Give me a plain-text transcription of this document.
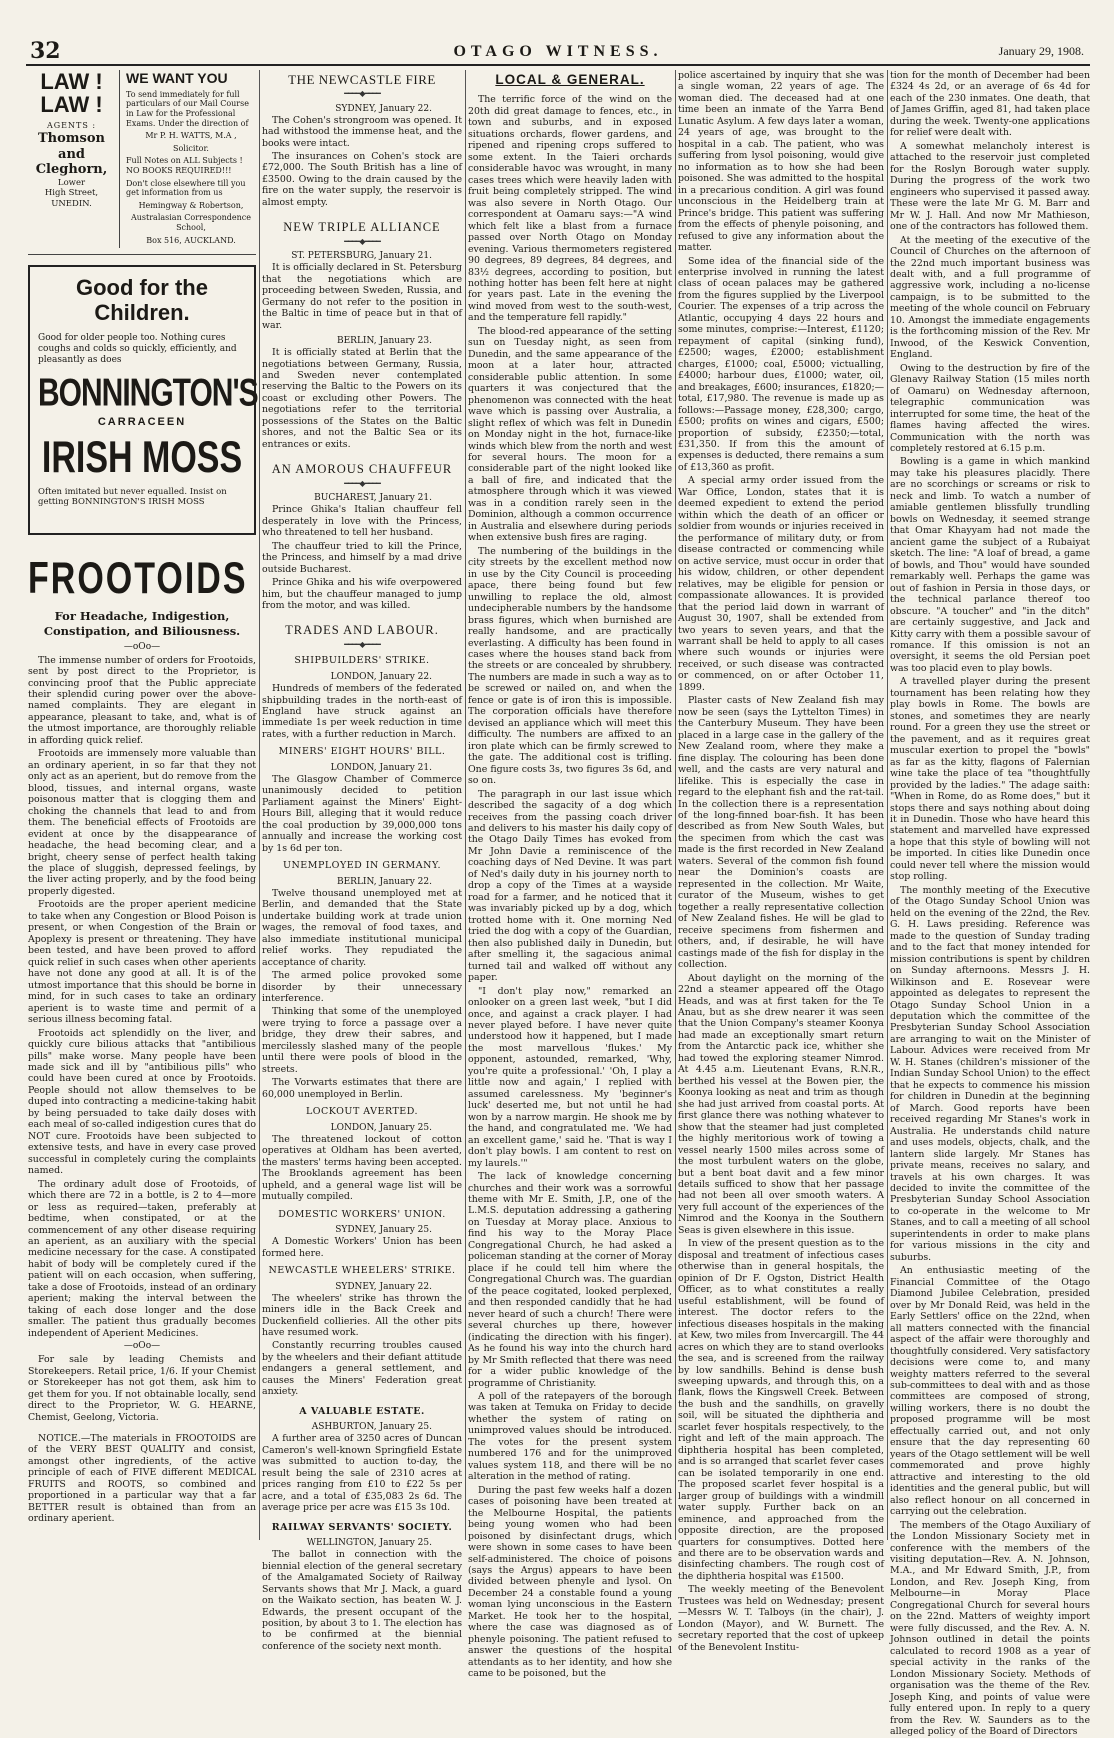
32	OTAGO WITNESS.	January 29, 1908.
LAW !
LAW !
AGENTS :
Thomson
and
Cleghorn,
Lower
High Street,
UNEDIN.
WE WANT YOU
To send immediately for full particulars of our Mail Course in Law for the Professional Exams. Under the direction of
Mr P. H. WATTS, M.A ,
Solicitor.
Full Notes on ALL Subjects ! NO BOOKS REQUIRED!!!
Don't close elsewhere till you get information from us
Hemingway & Robertson,
Australasian Correspondence School,
Box 516, AUCKLAND.
Good for the
Children.

Good for older people too. Nothing cures coughs and colds so quickly, efficiently, and pleasantly as does

BONNINGTON'S
CARRACEEN
IRISH MOSS

Often imitated but never equalled. Insist on getting BONNINGTON'S IRISH MOSS

FROOTOIDS
For Headache, Indigestion,
Constipation, and Biliousness.
—oOo—

The immense number of orders for Frootoids, sent by post direct to the Proprietor, is convincing proof that the Public appreciate their splendid curing power over the above-named complaints. They are elegant in appearance, pleasant to take, and, what is of the utmost importance, are thoroughly reliable in affording quick relief.

Frootoids are immensely more valuable than an ordinary aperient, in so far that they not only act as an aperient, but do remove from the blood, tissues, and internal organs, waste poisonous matter that is clogging them and choking the channels that lead to and from them. The beneficial effects of Frootoids are evident at once by the disappearance of headache, the head becoming clear, and a bright, cheery sense of perfect health taking the place of sluggish, depressed feelings, by the liver acting properly, and by the food being properly digested.

Frootoids are the proper aperient medicine to take when any Congestion or Blood Poison is present, or when Congestion of the Brain or Apoplexy is present or threatening. They have been tested, and have been proved to afford quick relief in such cases when other aperients have not done any good at all. It is of the utmost importance that this should be borne in mind, for in such cases to take an ordinary aperient is to waste time and permit of a serious illness becoming fatal.

Frootoids act splendidly on the liver, and quickly cure bilious attacks that "antibilious pills" make worse. Many people have been made sick and ill by "antibilious pills" who could have been cured at once by Frootoids. People should not allow themselves to be duped into contracting a medicine-taking habit by being persuaded to take daily doses with each meal of so-called indigestion cures that do NOT cure. Frootoids have been subjected to extensive tests, and have in every case proved successful in completely curing the complaints named.

The ordinary adult dose of Frootoids, of which there are 72 in a bottle, is 2 to 4—more or less as required—taken, preferably at bedtime, when constipated, or at the commencement of any other disease requiring an aperient, as an auxiliary with the special medicine necessary for the case. A constipated habit of body will be completely cured if the patient will on each occasion, when suffering, take a dose of Frootoids, instead of an ordinary aperient; making the interval between the taking of each dose longer and the dose smaller. The patient thus gradually becomes independent of Aperient Medicines.

—oOo—

For sale by leading Chemists and Storekeepers. Retail price, 1/6. If your Chemist or Storekeeper has not got them, ask him to get them for you. If not obtainable locally, send direct to the Proprietor, W. G. HEARNE, Chemist, Geelong, Victoria.

NOTICE.—The materials in FROOTOIDS are of the VERY BEST QUALITY and consist, amongst other ingredients, of the active principle of each of FIVE different MEDICAL FRUITS and ROOTS, so combined and proportioned in a particular way that a far BETTER result is obtained than from an ordinary aperient.

THE NEWCASTLE FIRE
━━━━◆━━━━
SYDNEY, January 22.

The Cohen's strongroom was opened. It had withstood the immense heat, and the books were intact.

The insurances on Cohen's stock are £72,000. The South British has a line of £3500. Owing to the drain caused by the fire on the water supply, the reservoir is almost empty.

NEW TRIPLE ALLIANCE
━━━━◆━━━━
ST. PETERSBURG, January 21.

It is officially declared in St. Petersburg that the negotiations which are proceeding between Sweden, Russia, and Germany do not refer to the position in the Baltic in time of peace but in that of war.

BERLIN, January 23.

It is officially stated at Berlin that the negotiations between Germany, Russia, and Sweden never contemplated reserving the Baltic to the Powers on its coast or excluding other Powers. The negotiations refer to the territorial possessions of the States on the Baltic shores, and not the Baltic Sea or its entrances or exits.

AN AMOROUS CHAUFFEUR
━━━━◆━━━━
BUCHAREST, January 21.

Prince Ghika's Italian chauffeur fell desperately in love with the Princess, who threatened to tell her husband.

The chauffeur tried to kill the Prince, the Princess, and himself by a mad drive outside Bucharest.

Prince Ghika and his wife overpowered him, but the chauffeur managed to jump from the motor, and was killed.

TRADES AND LABOUR.
━━━━◆━━━━
SHIPBUILDERS' STRIKE.
LONDON, January 22.

Hundreds of members of the federated shipbuilding trades in the north-east of England have struck against an immediate 1s per week reduction in time rates, with a further reduction in March.

MINERS' EIGHT HOURS' BILL.
LONDON, January 21.

The Glasgow Chamber of Commerce unanimously decided to petition Parliament against the Miners' Eight-Hours Bill, alleging that it would reduce the coal production by 39,000,000 tons annually and increase the working cost by 1s 6d per ton.

UNEMPLOYED IN GERMANY.
BERLIN, January 22.

Twelve thousand unemployed met at Berlin, and demanded that the State undertake building work at trade union wages, the removal of food taxes, and also immediate institutional municipal relief works. They repudiated the acceptance of charity.

The armed police provoked some disorder by their unnecessary interference.

Thinking that some of the unemployed were trying to force a passage over a bridge, they drew their sabres, and mercilessly slashed many of the people until there were pools of blood in the streets.

The Vorwarts estimates that there are 60,000 unemployed in Berlin.

LOCKOUT AVERTED.
LONDON, January 25.

The threatened lockout of cotton operatives at Oldham has been averted, the masters' terms having been accepted. The Brooklands agreement has been upheld, and a general wage list will be mutually compiled.

DOMESTIC WORKERS' UNION.
SYDNEY, January 25.

A Domestic Workers' Union has been formed here.

NEWCASTLE WHEELERS' STRIKE.
SYDNEY, January 22.

The wheelers' strike has thrown the miners idle in the Back Creek and Duckenfield collieries. All the other pits have resumed work.

Constantly recurring troubles caused by the wheelers and their defiant attitude endangers a general settlement, and causes the Miners' Federation great anxiety.

A VALUABLE ESTATE.
ASHBURTON, January 25.

A further area of 3250 acres of Duncan Cameron's well-known Springfield Estate was submitted to auction to-day, the result being the sale of 2310 acres at prices ranging from £10 to £22 5s per acre, and a total of £35,083 2s 6d. The average price per acre was £15 3s 10d.

RAILWAY SERVANTS' SOCIETY.
WELLINGTON, January 25.

The ballot in connection with the biennial election of the general secretary of the Amalgamated Society of Railway Servants shows that Mr J. Mack, a guard on the Waikato section, has beaten W. J. Edwards, the present occupant of the position, by about 3 to 1. The election has to be confirmed at the biennial conference of the society next month.

LOCAL & GENERAL.

The terrific force of the wind on the 20th did great damage to fences, etc., in town and suburbs, and in exposed situations orchards, flower gardens, and ripened and ripening crops suffered to some extent. In the Taieri orchards considerable havoc was wrought, in many cases trees which were heavily laden with fruit being completely stripped. The wind was also severe in North Otago. Our correspondent at Oamaru says:—"A wind which felt like a blast from a furnace passed over North Otago on Monday evening. Various thermometers registered 90 degrees, 89 degrees, 84 degrees, and 83½ degrees, according to position, but nothing hotter has been felt here at night for years past. Late in the evening the wind moved from west to the south-west, and the temperature fell rapidly."

The blood-red appearance of the setting sun on Tuesday night, as seen from Dunedin, and the same appearance of the moon at a later hour, attracted considerable public attention. In some quarters it was conjectured that the phenomenon was connected with the heat wave which is passing over Australia, a slight reflex of which was felt in Dunedin on Monday night in the hot, furnace-like winds which blew from the north and west for several hours. The moon for a considerable part of the night looked like a ball of fire, and indicated that the atmosphere through which it was viewed was in a condition rarely seen in the Dominion, although a common occurrence in Australia and elsewhere during periods when extensive bush fires are raging.

The numbering of the buildings in the city streets by the excellent method now in use by the City Council is proceeding apace, there being found but few unwilling to replace the old, almost undecipherable numbers by the handsome brass figures, which when burnished are really handsome, and are practically everlasting. A difficulty has been found in cases where the houses stand back from the streets or are concealed by shrubbery. The numbers are made in such a way as to be screwed or nailed on, and when the fence or gate is of iron this is impossible. The corporation officials have therefore devised an appliance which will meet this difficulty. The numbers are affixed to an iron plate which can be firmly screwed to the gate. The additional cost is trifling. One figure costs 3s, two figures 3s 6d, and so on.

The paragraph in our last issue which described the sagacity of a dog which receives from the passing coach driver and delivers to his master his daily copy of the Otago Daily Times has evoked from Mr John Davie a reminiscence of the coaching days of Ned Devine. It was part of Ned's daily duty in his journey north to drop a copy of the Times at a wayside road for a farmer, and he noticed that it was invariably picked up by a dog, which trotted home with it. One morning Ned tried the dog with a copy of the Guardian, then also published daily in Dunedin, but after smelling it, the sagacious animal turned tail and walked off without any paper.

"I don't play now," remarked an onlooker on a green last week, "but I did once, and against a crack player. I had never played before. I have never quite understood how it happened, but I made the most marvellous 'flukes.' My opponent, astounded, remarked, 'Why, you're quite a professional.' 'Oh, I play a little now and again,' I replied with assumed carelessness. My 'beginner's luck' deserted me, but not until he had won by a narrow margin. He shook me by the hand, and congratulated me. 'We had an excellent game,' said he. 'That is way I don't play bowls. I am content to rest on my laurels.'"

The lack of knowledge concerning churches and their work was a sorrowful theme with Mr E. Smith, J.P., one of the L.M.S. deputation addressing a gathering on Tuesday at Moray place. Anxious to find his way to the Moray Place Congregational Church, he had asked a policeman standing at the corner of Moray place if he could tell him where the Congregational Church was. The guardian of the peace cogitated, looked perplexed, and then responded candidly that he had never heard of such a church! There were several churches up there, however (indicating the direction with his finger). As he found his way into the church hard by Mr Smith reflected that there was need for a wider public knowledge of the programme of Christianity.

A poll of the ratepayers of the borough was taken at Temuka on Friday to decide whether the system of rating on unimproved values should be introduced. The votes for the present system numbered 176 and for the unimproved values system 118, and there will be no alteration in the method of rating.

During the past few weeks half a dozen cases of poisoning have been treated at the Melbourne Hospital, the patients being young women who had been poisoned by disinfectant drugs, which were shown in some cases to have been self-administered. The choice of poisons (says the Argus) appears to have been divided between phenyle and lysol. On December 24 a constable found a young woman lying unconscious in the Eastern Market. He took her to the hospital, where the case was diagnosed as of phenyle poisoning. The patient refused to answer the questions of the hospital attendants as to her identity, and how she came to be poisoned, but the

police ascertained by inquiry that she was a single woman, 22 years of age. The woman died. The deceased had at one time been an inmate of the Yarra Bend Lunatic Asylum. A few days later a woman, 24 years of age, was brought to the hospital in a cab. The patient, who was suffering from lysol poisoning, would give no information as to how she had been poisoned. She was admitted to the hospital in a precarious condition. A girl was found unconscious in the Heidelberg train at Prince's bridge. This patient was suffering from the effects of phenyle poisoning, and refused to give any information about the matter.

Some idea of the financial side of the enterprise involved in running the latest class of ocean palaces may be gathered from the figures supplied by the Liverpool Courier. The expenses of a trip across the Atlantic, occupying 4 days 22 hours and some minutes, comprise:—Interest, £1120; repayment of capital (sinking fund), £2500; wages, £2000; establishment charges, £1000; coal, £5000; victualling, £4000; harbour dues, £1000; water, oil, and breakages, £600; insurances, £1820;—total, £17,980. The revenue is made up as follows:—Passage money, £28,300; cargo, £500; profits on wines and cigars, £500; proportion of subsidy, £2350;—total, £31,350. If from this the amount of expenses is deducted, there remains a sum of £13,360 as profit.

A special army order issued from the War Office, London, states that it is deemed expedient to extend the period within which the death of an officer or soldier from wounds or injuries received in the performance of military duty, or from disease contracted or commencing while on active service, must occur in order that his widow, children, or other dependent relatives, may be eligible for pension or compassionate allowances. It is provided that the period laid down in warrant of August 30, 1907, shall be extended from two years to seven years, and that the warrant shall be held to apply to all cases where such wounds or injuries were received, or such disease was contracted or commenced, on or after October 11, 1899.

Plaster casts of New Zealand fish may now be seen (says the Lyttelton Times) in the Canterbury Museum. They have been placed in a large case in the gallery of the New Zealand room, where they make a fine display. The colouring has been done well, and the casts are very natural and lifelike. This is especially the case in regard to the elephant fish and the rat-tail. In the collection there is a representation of the long-finned boar-fish. It has been described as from New South Wales, but the specimen from which the cast was made is the first recorded in New Zealand waters. Several of the common fish found near the Dominion's coasts are represented in the collection. Mr Waite, curator of the Museum, wishes to get together a really representative collection of New Zealand fishes. He will be glad to receive specimens from fishermen and others, and, if desirable, he will have castings made of the fish for display in the collection.

About daylight on the morning of the 22nd a steamer appeared off the Otago Heads, and was at first taken for the Te Anau, but as she drew nearer it was seen that the Union Company's steamer Koonya had made an exceptionally smart return from the Antarctic pack ice, whither she had towed the exploring steamer Nimrod. At 4.45 a.m. Lieutenant Evans, R.N.R., berthed his vessel at the Bowen pier, the Koonya looking as neat and trim as though she had just arrived from coastal ports. At first glance there was nothing whatever to show that the steamer had just completed the highly meritorious work of towing a vessel nearly 1500 miles across some of the most turbulent waters on the globe, but a bent boat davit and a few minor details sufficed to show that her passage had not been all over smooth waters. A very full account of the experiences of the Nimrod and the Koonya in the Southern Seas is given elsewhere in this issue.

In view of the present question as to the disposal and treatment of infectious cases otherwise than in general hospitals, the opinion of Dr F. Ogston, District Health Officer, as to what constitutes a really useful establishment, will be found of interest. The doctor refers to the infectious diseases hospitals in the making at Kew, two miles from Invercargill. The 44 acres on which they are to stand overlooks the sea, and is screened from the railway by low sandhills. Behind is dense bush sweeping upwards, and through this, on a flank, flows the Kingswell Creek. Between the bush and the sandhills, on gravelly soil, will be situated the diphtheria and scarlet fever hospitals respectively, to the right and left of the main approach. The diphtheria hospital has been completed, and is so arranged that scarlet fever cases can be isolated temporarily in one end. The proposed scarlet fever hospital is a larger group of buildings with a windmill water supply. Further back on an eminence, and approached from the opposite direction, are the proposed quarters for consumptives. Dotted here and there are to be observation wards and disinfecting chambers. The rough cost of the diphtheria hospital was £1500.

The weekly meeting of the Benevolent Trustees was held on Wednesday; present—Messrs W. T. Talboys (in the chair), J. London (Mayor), and W. Burnett. The secretary reported that the cost of upkeep of the Benevolent Institu-

tion for the month of December had been £324 4s 2d, or an average of 6s 4d for each of the 230 inmates. One death, that of James Griffin, aged 81, had taken place during the week. Twenty-one applications for relief were dealt with.

A somewhat melancholy interest is attached to the reservoir just completed for the Roslyn Borough water supply. During the progress of the work two engineers who supervised it passed away. These were the late Mr G. M. Barr and Mr W. J. Hall. And now Mr Mathieson, one of the contractors has followed them.

At the meeting of the executive of the Council of Churches on the afternoon of the 22nd much important business was dealt with, and a full programme of aggressive work, including a no-license campaign, is to be submitted to the meeting of the whole council on February 10. Amongst the immediate engagements is the forthcoming mission of the Rev. Mr Inwood, of the Keswick Convention, England.

Owing to the destruction by fire of the Glenavy Railway Station (15 miles north of Oamaru) on Wednesday afternoon, telegraphic communication was interrupted for some time, the heat of the flames having affected the wires. Communication with the north was completely restored at 6.15 p.m.

Bowling is a game in which mankind may take his pleasures placidly. There are no scorchings or screams or risk to neck and limb. To watch a number of amiable gentlemen blissfully trundling bowls on Wednesday, it seemed strange that Omar Khayyam had not made the ancient game the subject of a Rubaiyat sketch. The line: "A loaf of bread, a game of bowls, and Thou" would have sounded remarkably well. Perhaps the game was out of fashion in Persia in those days, or the technical parlance thereof too obscure. "A toucher" and "in the ditch" are certainly suggestive, and Jack and Kitty carry with them a possible savour of romance. If this omission is not an oversight, it seems the old Persian poet was too placid even to play bowls.

A travelled player during the present tournament has been relating how they play bowls in Rome. The bowls are stones, and sometimes they are nearly round. For a green they use the street or the pavement, and as it requires great muscular exertion to propel the "bowls" as far as the kitty, flagons of Falernian wine take the place of tea "thoughtfully provided by the ladies." The adage saith: "When in Rome, do as Rome does," but it stops there and says nothing about doing it in Dunedin. Those who have heard this statement and marvelled have expressed a hope that this style of bowling will not be imported. In cities like Dunedin once could never tell where the mission would stop rolling.

The monthly meeting of the Executive of the Otago Sunday School Union was held on the evening of the 22nd, the Rev. G. H. Laws presiding. Reference was made to the question of Sunday trading and to the fact that money intended for mission contributions is spent by children on Sunday afternoons. Messrs J. H. Wilkinson and E. Rosevear were appointed as delegates to represent the Otago Sunday School Union in a deputation which the committee of the Presbyterian Sunday School Association are arranging to wait on the Minister of Labour. Advices were received from Mr W. H. Stanes (children's missioner of the Indian Sunday School Union) to the effect that he expects to commence his mission for children in Dunedin at the beginning of March. Good reports have been received regarding Mr Stanes's work in Australia. He understands child nature and uses models, objects, chalk, and the lantern slide largely. Mr Stanes has private means, receives no salary, and travels at his own charges. It was decided to invite the committee of the Presbyterian Sunday School Association to co-operate in the welcome to Mr Stanes, and to call a meeting of all school superintendents in order to make plans for various missions in the city and suburbs.

An enthusiastic meeting of the Financial Committee of the Otago Diamond Jubilee Celebration, presided over by Mr Donald Reid, was held in the Early Settlers' office on the 22nd, when all matters connected with the financial aspect of the affair were thoroughly and thoughtfully considered. Very satisfactory decisions were come to, and many weighty matters referred to the several sub-committees to deal with and as those committees are composed of strong, willing workers, there is no doubt the proposed programme will be most effectually carried out, and not only ensure that the day representing 60 years of the Otago settlement will be well commemorated and prove highly attractive and interesting to the old identities and the general public, but will also reflect honour on all concerned in carrying out the celebration.

The members of the Otago Auxiliary of the London Missionary Society met in conference with the members of the visiting deputation—Rev. A. N. Johnson, M.A., and Mr Edward Smith, J.P., from London, and Rev. Joseph King, from Melbourne—in Moray Place Congregational Church for several hours on the 22nd. Matters of weighty import were fully discussed, and the Rev. A. N. Johnson outlined in detail the points calculated to record 1908 as a year of special activity in the ranks of the London Missionary Society. Methods of organisation was the theme of the Rev. Joseph King, and points of value were fully entered upon. In reply to a query from the Rev. W. Saunders as to the alleged policy of the Board of Directors
